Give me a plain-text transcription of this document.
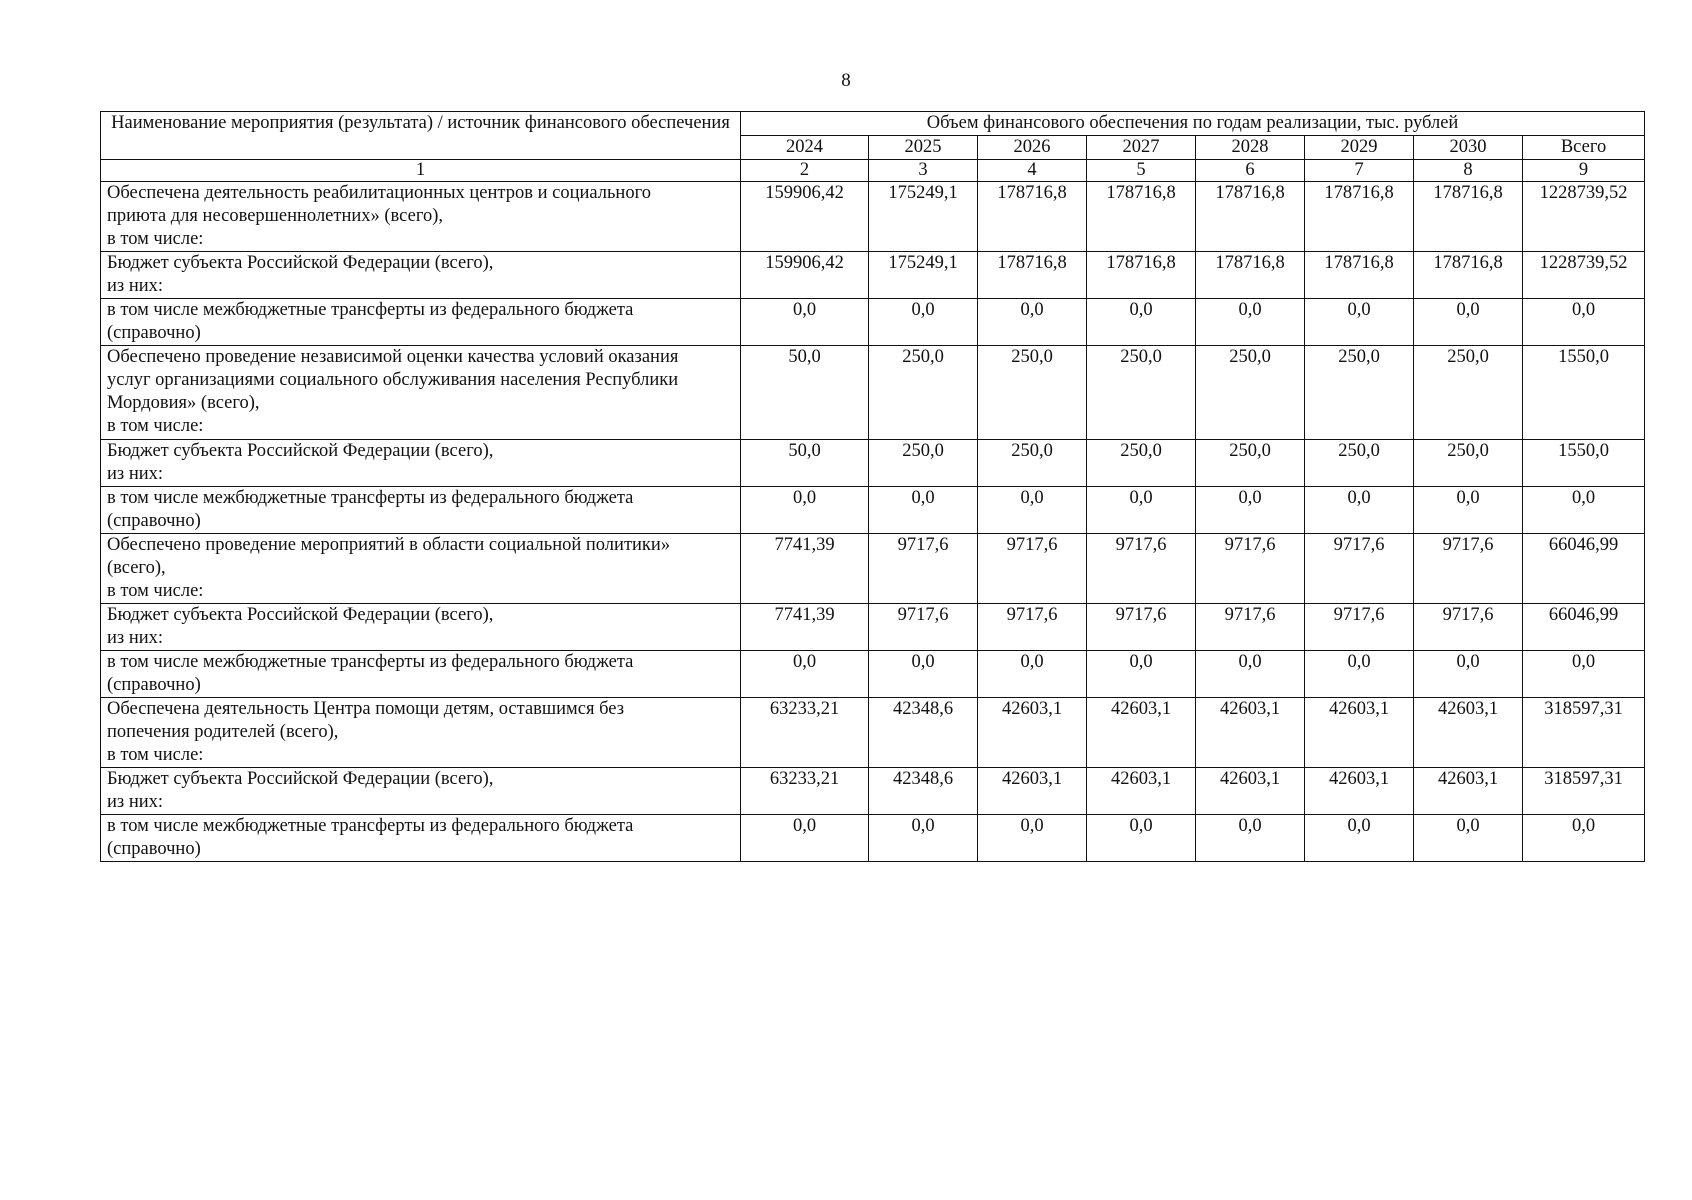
8
Наименование мероприятия (результата) / источник финансового обеспечения	Объем финансового обеспечения по годам реализации, тыс. рублей							
	2024	2025	2026	2027	2028	2029	2030	Всего
1	2	3	4	5	6	7	8	9

Обеспечена деятельность реабилитационных центров и социального
приюта для несовершеннолетних» (всего),
в том числе:	159906,42	175249,1	178716,8	178716,8	178716,8	178716,8	178716,8	1228739,52

Бюджет субъекта Российской Федерации (всего),
из них:	159906,42	175249,1	178716,8	178716,8	178716,8	178716,8	178716,8	1228739,52

в том числе межбюджетные трансферты из федерального бюджета
(справочно)	0,0	0,0	0,0	0,0	0,0	0,0	0,0	0,0

Обеспечено проведение независимой оценки качества условий оказания
услуг организациями социального обслуживания населения Республики
Мордовия» (всего),
в том числе:	50,0	250,0	250,0	250,0	250,0	250,0	250,0	1550,0

Бюджет субъекта Российской Федерации (всего),
из них:	50,0	250,0	250,0	250,0	250,0	250,0	250,0	1550,0

в том числе межбюджетные трансферты из федерального бюджета
(справочно)	0,0	0,0	0,0	0,0	0,0	0,0	0,0	0,0

Обеспечено проведение мероприятий в области социальной политики»
(всего),
в том числе:	7741,39	9717,6	9717,6	9717,6	9717,6	9717,6	9717,6	66046,99

Бюджет субъекта Российской Федерации (всего),
из них:	7741,39	9717,6	9717,6	9717,6	9717,6	9717,6	9717,6	66046,99

в том числе межбюджетные трансферты из федерального бюджета
(справочно)	0,0	0,0	0,0	0,0	0,0	0,0	0,0	0,0

Обеспечена деятельность Центра помощи детям, оставшимся без
попечения родителей (всего),
в том числе:	63233,21	42348,6	42603,1	42603,1	42603,1	42603,1	42603,1	318597,31

Бюджет субъекта Российской Федерации (всего),
из них:	63233,21	42348,6	42603,1	42603,1	42603,1	42603,1	42603,1	318597,31

в том числе межбюджетные трансферты из федерального бюджета
(справочно)	0,0	0,0	0,0	0,0	0,0	0,0	0,0	0,0
